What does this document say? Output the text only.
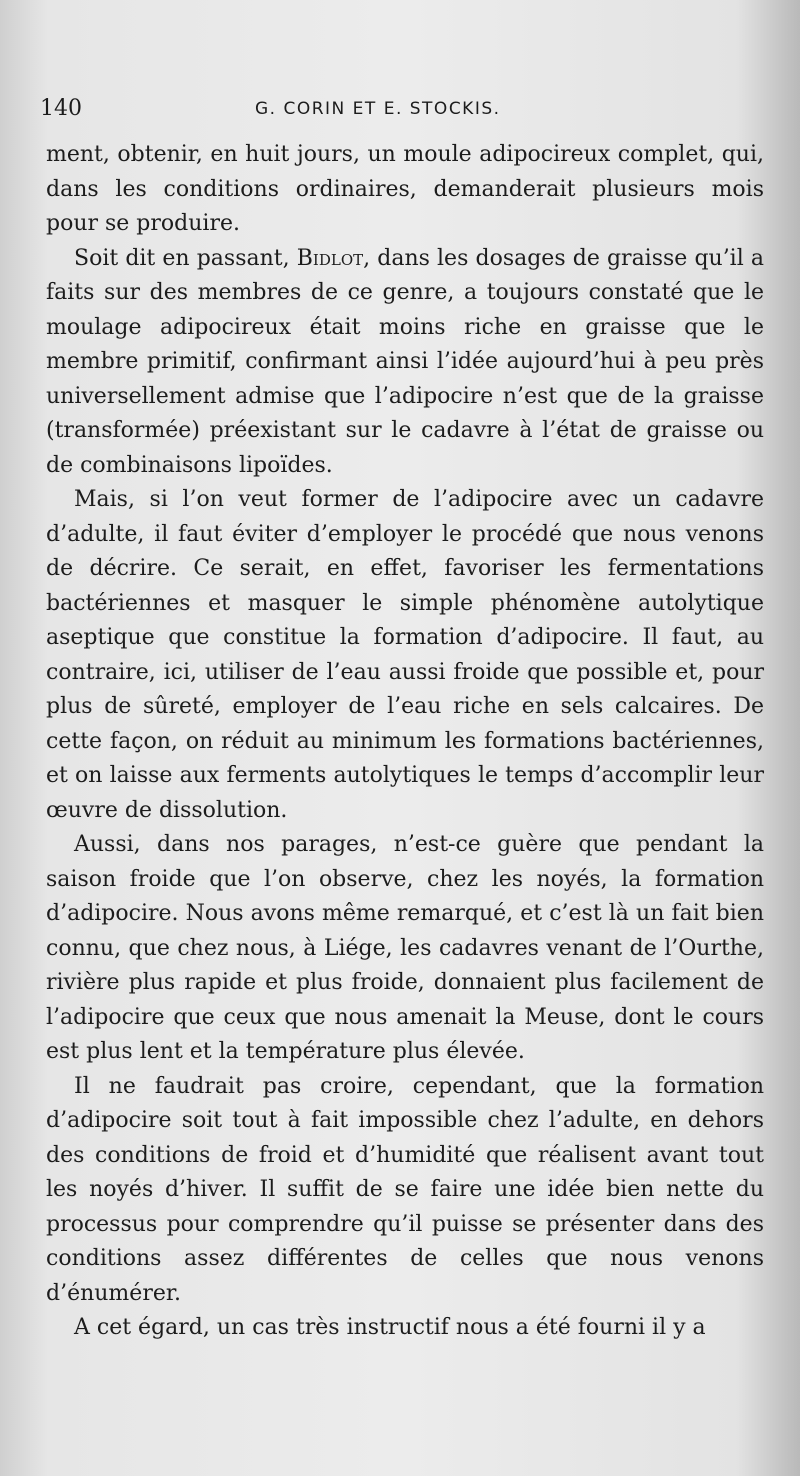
140	G. CORIN ET E. STOCKIS.

ment, obtenir, en huit jours, un moule adipocireux complet, qui, dans les conditions ordinaires, demanderait plusieurs mois pour se produire.

Soit dit en passant, Bidlot, dans les dosages de graisse qu’il a faits sur des membres de ce genre, a toujours constaté que le moulage adipocireux était moins riche en graisse que le membre primitif, confirmant ainsi l’idée aujourd’hui à peu près universellement admise que l’adipocire n’est que de la graisse (transformée) préexistant sur le cadavre à l’état de graisse ou de combinaisons lipoïdes.

Mais, si l’on veut former de l’adipocire avec un cadavre d’adulte, il faut éviter d’employer le procédé que nous venons de décrire. Ce serait, en effet, favoriser les fermentations bactériennes et masquer le simple phénomène autolytique aseptique que constitue la formation d’adipocire. Il faut, au contraire, ici, utiliser de l’eau aussi froide que possible et, pour plus de sûreté, employer de l’eau riche en sels calcaires. De cette façon, on réduit au minimum les formations bactériennes, et on laisse aux ferments autolytiques le temps d’accomplir leur œuvre de dissolution.

Aussi, dans nos parages, n’est-ce guère que pendant la saison froide que l’on observe, chez les noyés, la formation d’adipocire. Nous avons même remarqué, et c’est là un fait bien connu, que chez nous, à Liége, les cadavres venant de l’Ourthe, rivière plus rapide et plus froide, donnaient plus facilement de l’adipocire que ceux que nous amenait la Meuse, dont le cours est plus lent et la température plus élevée.

Il ne faudrait pas croire, cependant, que la formation d’adipocire soit tout à fait impossible chez l’adulte, en dehors des conditions de froid et d’humidité que réalisent avant tout les noyés d’hiver. Il suffit de se faire une idée bien nette du processus pour comprendre qu’il puisse se présenter dans des conditions assez différentes de celles que nous venons d’énumérer.

A cet égard, un cas très instructif nous a été fourni il y a
